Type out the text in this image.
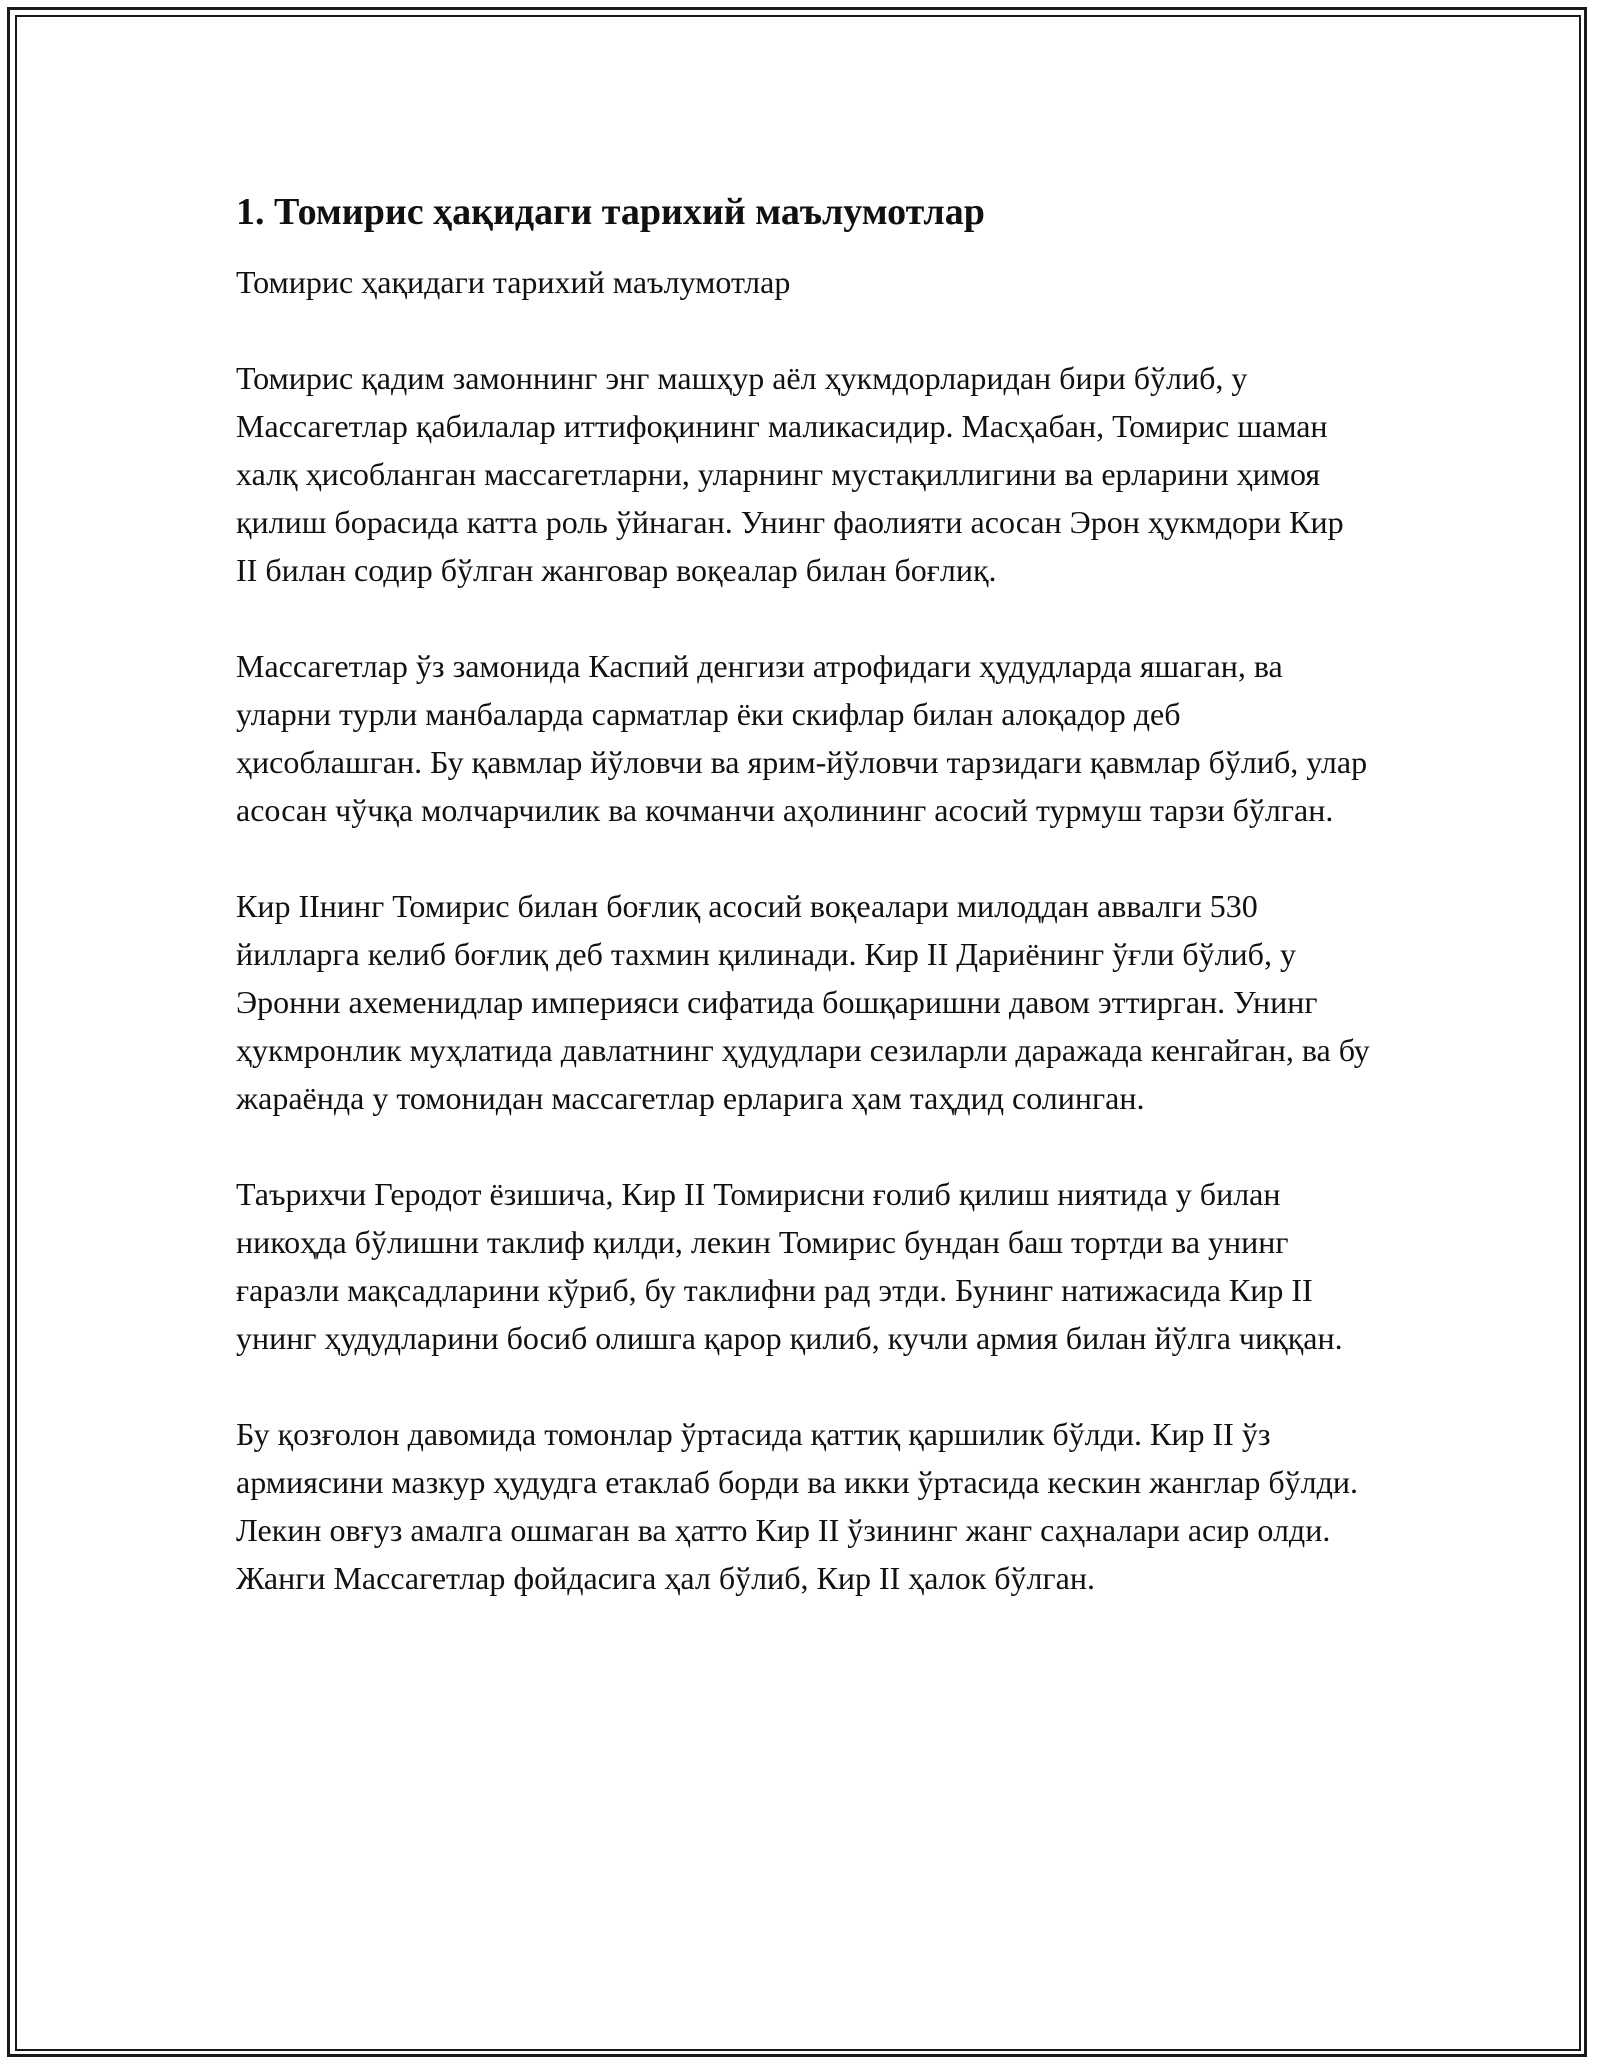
1. Томирис ҳақидаги тарихий маълумотлар
Томирис ҳақидаги тарихий маълумотлар

Томирис қадим замоннинг энг машҳур аёл ҳукмдорларидан бири бўлиб, у Массагетлар қабилалар иттифоқининг маликасидир. Масҳабан, Томирис шаман халқ ҳисобланган массагетларни, уларнинг мустақиллигини ва ерларини ҳимоя қилиш борасида катта роль ўйнаган. Унинг фаолияти асосан Эрон ҳукмдори Кир II билан содир бўлган жанговар воқеалар билан боғлиқ.

Массагетлар ўз замонида Каспий денгизи атрофидаги ҳудудларда яшаган, ва уларни турли манбаларда сарматлар ёки скифлар билан алоқадор деб ҳисоблашган. Бу қавмлар йўловчи ва ярим-йўловчи тарзидаги қавмлар бўлиб, улар асосан чўчқа молчарчилик ва кочманчи аҳолининг асосий турмуш тарзи бўлган.

Кир IIнинг Томирис билан боғлиқ асосий воқеалари милоддан аввалги 530 йилларга келиб боғлиқ деб тахмин қилинади. Кир II Дариёнинг ўғли бўлиб, у Эронни ахеменидлар империяси сифатида бошқаришни давом эттирган. Унинг ҳукмронлик муҳлатида давлатнинг ҳудудлари сезиларли даражада кенгайган, ва бу жараёнда у томонидан массагетлар ерларига ҳам таҳдид солинган.

Таърихчи Геродот ёзишича, Кир II Томирисни ғолиб қилиш ниятида у билан никоҳда бўлишни таклиф қилди, лекин Томирис бундан баш тортди ва унинг ғаразли мақсадларини кўриб, бу таклифни рад этди. Бунинг натижасида Кир II унинг ҳудудларини босиб олишга қарор қилиб, кучли армия билан йўлга чиққан.

Бу қозғолон давомида томонлар ўртасида қаттиқ қаршилик бўлди. Кир II ўз армиясини мазкур ҳудудга етаклаб борди ва икки ўртасида кескин жанглар бўлди. Лекин овғуз амалга ошмаган ва ҳатто Кир II ўзининг жанг саҳналари асир олди. Жанги Массагетлар фойдасига ҳал бўлиб, Кир II ҳалок бўлган.
